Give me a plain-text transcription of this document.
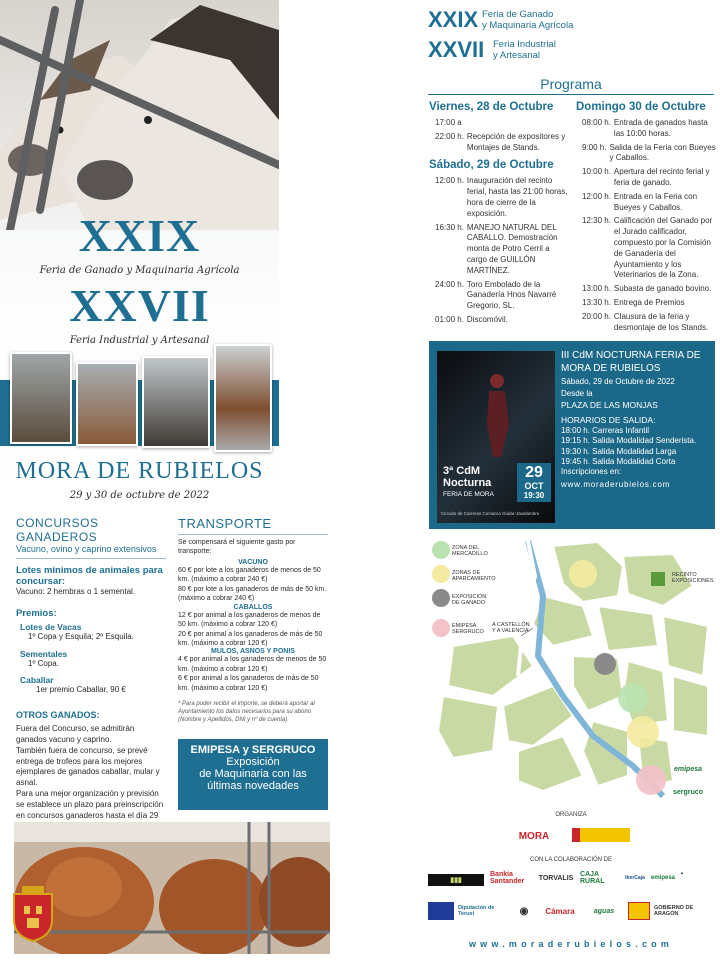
XXIX
Feria de Ganado y Maquinaria Agrícola
XXVII
Feria Industrial y Artesanal
MORA DE RUBIELOS
29 y 30 de octubre de 2022
CONCURSOS GANADEROS
Vacuno, ovino y caprino extensivos
Lotes mínimos de animales para concursar:
Vacuno: 2 hembras o 1 semental.
Premios:
Lotes de Vacas
1º Copa y Esquila; 2º Esquila.
Sementales
1º Copa.
Caballar
1er premio Caballar, 90 €
OTROS GANADOS:
Fuera del Concurso, se admitirán ganados vacuno y caprino.
También fuera de concurso, se prevé entrega de trofeos para los mejores ejemplares de ganados caballar, mular y asnal.
Para una mejor organización y previsión se establece un plazo para preinscripción en concursos ganaderos hasta el día 29
TRANSPORTE
Se compensará el siguiente gasto por transporte:
VACUNO
60 € por lote a los ganaderos de menos de 50 km. (máximo a cobrar 240 €)
80 € por lote a los ganaderos de más de 50 km. (máximo a cobrar 240 €)
CABALLOS
12 € por animal a los ganaderos de menos de 50 km. (máximo a cobrar 120 €)
20 € por animal a los ganaderos de más de 50 km. (máximo a cobrar 120 €)
MULOS, ASNOS Y PONIS
4 € por animal a los ganaderos de menos de 50 km. (máximo a cobrar 120 €)
6 € por animal a los ganaderos de más de 50 km. (máximo a cobrar 120 €)
* Para poder recibir el importe, se deberá aportar al Ayuntamiento los datos necesarios para su abono (Nombre y Apellidos, DNI y nº de cuenta)
EMIPESA y SERGRUCO
Exposición
de Maquinaria con las
últimas novedades
XXIX Feria de Ganado
y Maquinaria Agrícola
XXVII Feria Industrial
y Artesanal
Programa
Viernes, 28 de Octubre
17:00 a
22:00 h. Recepción de expositores y Montajes de Stands.
Sábado, 29 de Octubre
12:00 h. Inauguración del recinto ferial, hasta las 21:00 horas, hora de cierre de la exposición.
16:30 h. MANEJO NATURAL DEL CABALLO. Demostración monta de Potro Cerril a cargo de GUILLÓN MARTÍNEZ.
24:00 h. Toro Embolado de la Ganadería Hnos Navarré Gregorio, SL.
01:00 h. Discomóvil.
Domingo 30 de Octubre
08:00 h. Entrada de ganados hasta las 10:00 horas.
9:00 h. Salida de la Feria con Bueyes y Caballos.
10:00 h. Apertura del recinto ferial y feria de ganado.
12:00 h. Entrada en la Feria con Bueyes y Caballos.
12:30 h. Calificación del Ganado por el Jurado calificador, compuesto por la Comisión de Ganadería del Ayuntamiento y los Veterinarios de la Zona.
13:00 h. Subasta de ganado bovino.
13:30 h. Entrega de Premios
20:00 h. Clausura de la feria y desmontaje de los Stands.
3ª CdM
Nocturna
FERIA DE MORA
29
OCT
19:30
Circuito de Carreras Comarca Gúdar-Javalambre
III CdM NOCTURNA FERIA DE
MORA DE RUBIELOS
Sábado, 29 de Octubre de 2022
Desde la
PLAZA DE LAS MONJAS
HORARIOS DE SALIDA:
18:00 h. Carreras Infantil
19:15 h. Salida Modalidad Senderista.
19:30 h. Salida Modalidad Larga
19:45 h. Salida Modalidad Corta
Inscripciones en:
www.moraderubielos.com
ZONA DEL MERCADILLO
ZONAS DE APARCAMIENTO
EXPOSICIÓN DE GANADO
EMIPESA SERGRUCO
RECINTO EXPOSICIONES
A CASTELLÓN Y A VALENCIA
emipesa
sergruco
ORGANIZA
MORA
CON LA COLABORACIÓN DE
▮▮▮
Bankia Santander TORVALIS CAJA RURAL	IberCaja emipesa
▲
Diputación de Teruel	◉	Cámara	aguas	GOBIERNO DE ARAGON
www.moraderubielos.com
